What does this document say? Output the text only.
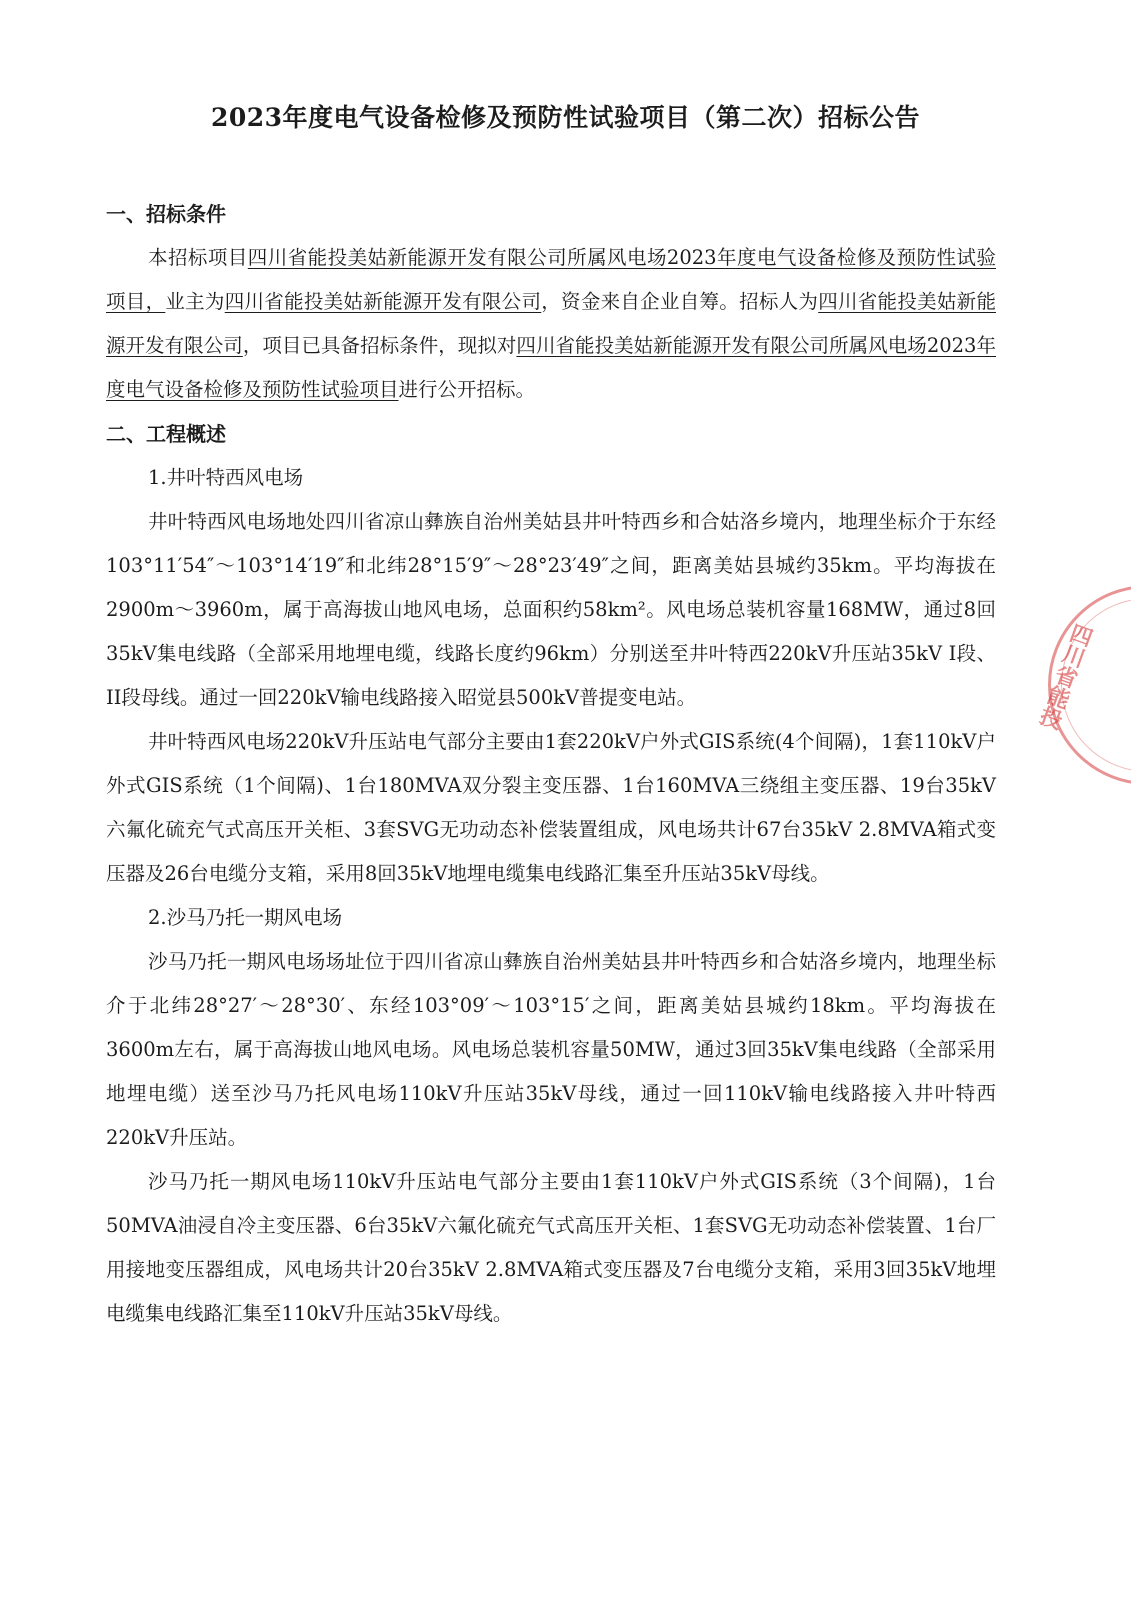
2023年度电气设备检修及预防性试验项目（第二次）招标公告

一、招标条件

本招标项目四川省能投美姑新能源开发有限公司所属风电场2023年度电气设备检修及预防性试验项目，业主为四川省能投美姑新能源开发有限公司，资金来自企业自筹。招标人为四川省能投美姑新能源开发有限公司，项目已具备招标条件，现拟对四川省能投美姑新能源开发有限公司所属风电场2023年度电气设备检修及预防性试验项目进行公开招标。

二、工程概述

1.井叶特西风电场

井叶特西风电场地处四川省凉山彝族自治州美姑县井叶特西乡和合姑洛乡境内，地理坐标介于东经103°11′54″～103°14′19″和北纬28°15′9″～28°23′49″之间，距离美姑县城约35km。平均海拔在2900m～3960m，属于高海拔山地风电场，总面积约58km²。风电场总装机容量168MW，通过8回35kV集电线路（全部采用地埋电缆，线路长度约96km）分别送至井叶特西220kV升压站35kV I段、II段母线。通过一回220kV输电线路接入昭觉县500kV普提变电站。

井叶特西风电场220kV升压站电气部分主要由1套220kV户外式GIS系统(4个间隔)，1套110kV户外式GIS系统（1个间隔)、1台180MVA双分裂主变压器、1台160MVA三绕组主变压器、19台35kV六氟化硫充气式高压开关柜、3套SVG无功动态补偿装置组成，风电场共计67台35kV 2.8MVA箱式变压器及26台电缆分支箱，采用8回35kV地埋电缆集电线路汇集至升压站35kV母线。

2.沙马乃托一期风电场

沙马乃托一期风电场场址位于四川省凉山彝族自治州美姑县井叶特西乡和合姑洛乡境内，地理坐标介于北纬28°27′～28°30′、东经103°09′～103°15′之间，距离美姑县城约18km。平均海拔在3600m左右，属于高海拔山地风电场。风电场总装机容量50MW，通过3回35kV集电线路（全部采用地埋电缆）送至沙马乃托风电场110kV升压站35kV母线，通过一回110kV输电线路接入井叶特西220kV升压站。

沙马乃托一期风电场110kV升压站电气部分主要由1套110kV户外式GIS系统（3个间隔)，1台50MVA油浸自冷主变压器、6台35kV六氟化硫充气式高压开关柜、1套SVG无功动态补偿装置、1台厂用接地变压器组成，风电场共计20台35kV 2.8MVA箱式变压器及7台电缆分支箱，采用3回35kV地埋电缆集电线路汇集至110kV升压站35kV母线。

四川省能投
